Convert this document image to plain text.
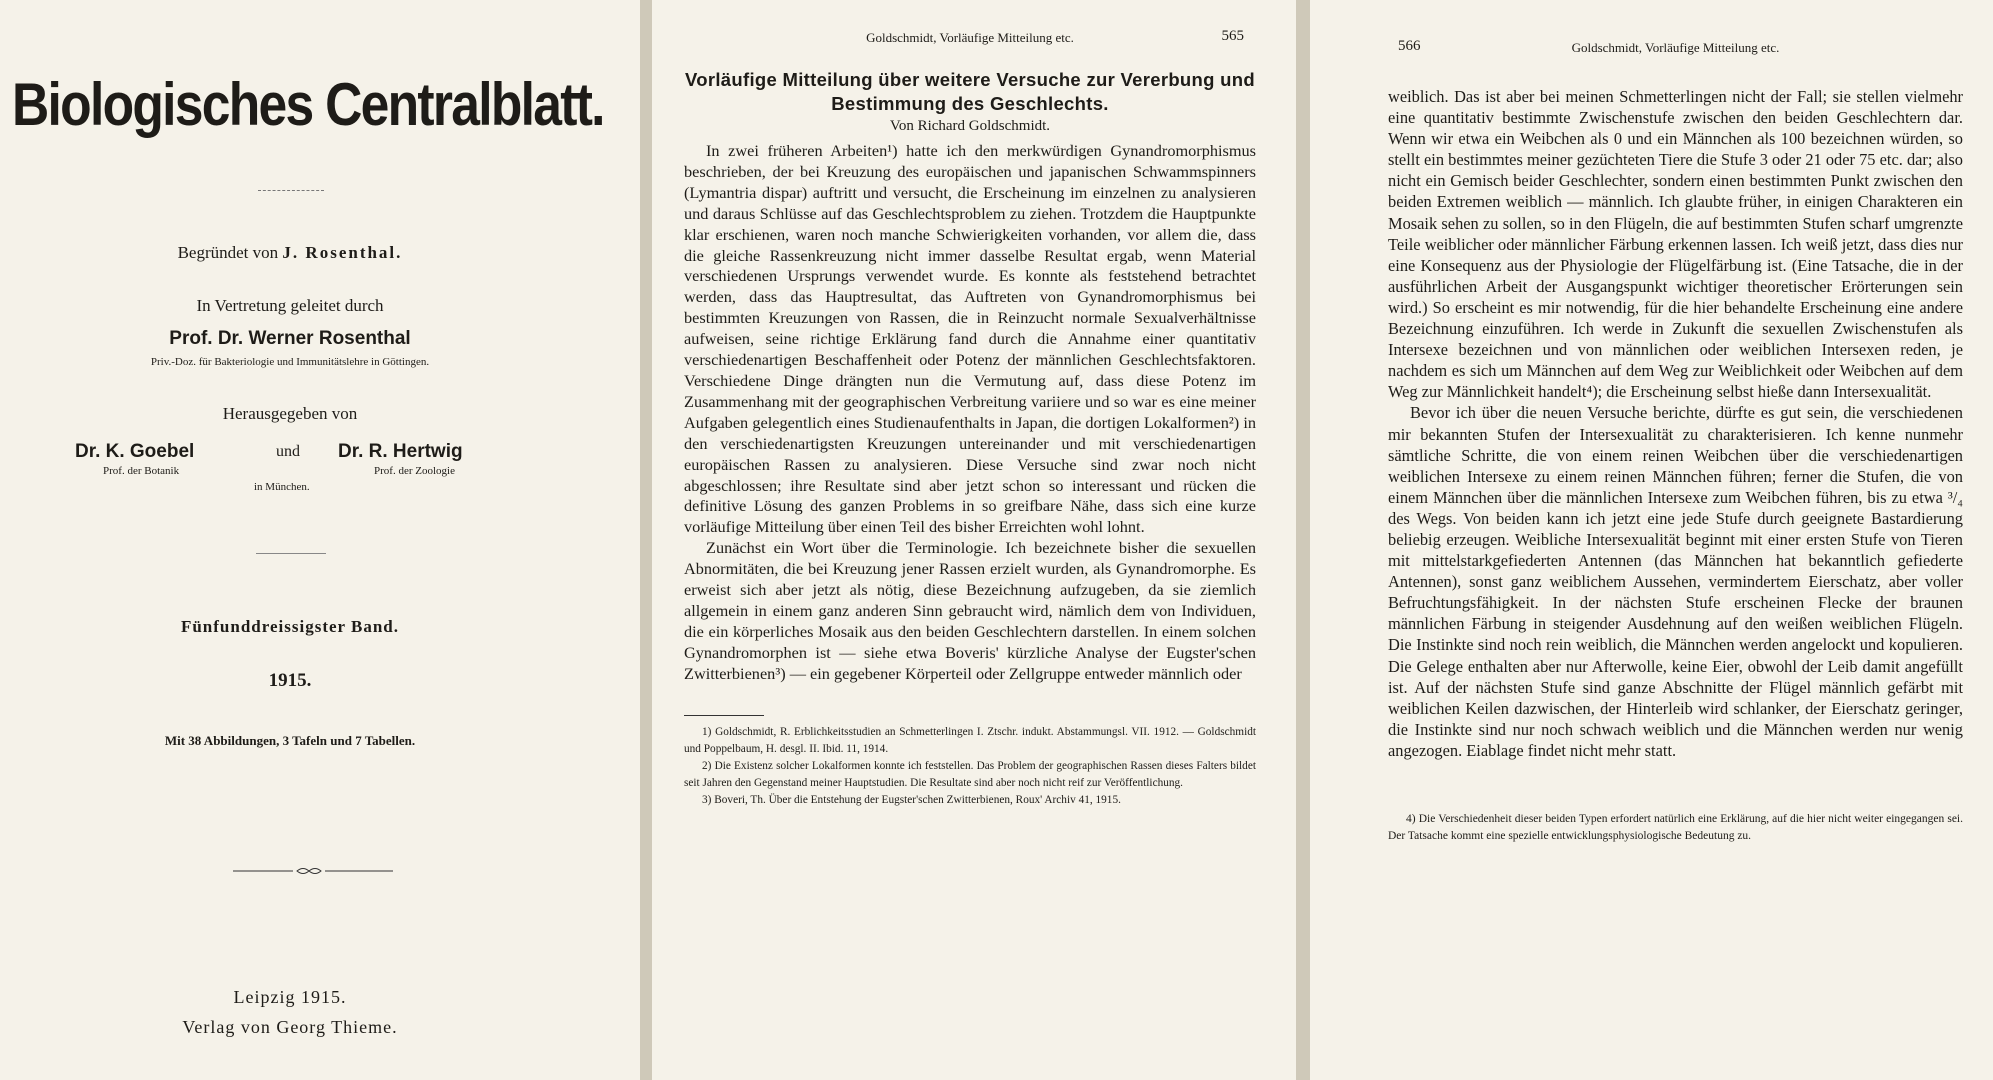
Biologisches Centralblatt.
Begründet von J. Rosenthal.
In Vertretung geleitet durch
Prof. Dr. Werner Rosenthal
Priv.-Doz. für Bakteriologie und Immunitätslehre in Göttingen.
Herausgegeben von
Dr. K. Goebel	und Dr. R. Hertwig
Prof. der Botanik	Prof. der Zoologie
in München.
Fünfunddreissigster Band.
1915.
Mit 38 Abbildungen, 3 Tafeln und 7 Tabellen.
Leipzig 1915.
Verlag von Georg Thieme.
Goldschmidt, Vorläufige Mitteilung etc.	565
Vorläufige Mitteilung über weitere Versuche zur Vererbung und Bestimmung des Geschlechts.
Von Richard Goldschmidt.

In zwei früheren Arbeiten¹) hatte ich den merkwürdigen Gynandromorphismus beschrieben, der bei Kreuzung des europäischen und japanischen Schwammspinners (Lymantria dispar) auftritt und versucht, die Erscheinung im einzelnen zu analysieren und daraus Schlüsse auf das Geschlechtsproblem zu ziehen. Trotzdem die Hauptpunkte klar erschienen, waren noch manche Schwierigkeiten vorhanden, vor allem die, dass die gleiche Rassenkreuzung nicht immer dasselbe Resultat ergab, wenn Material verschiedenen Ursprungs verwendet wurde. Es konnte als feststehend betrachtet werden, dass das Hauptresultat, das Auftreten von Gynandromorphismus bei bestimmten Kreuzungen von Rassen, die in Reinzucht normale Sexualverhältnisse aufweisen, seine richtige Erklärung fand durch die Annahme einer quantitativ verschiedenartigen Beschaffenheit oder Potenz der männlichen Geschlechtsfaktoren. Verschiedene Dinge drängten nun die Vermutung auf, dass diese Potenz im Zusammenhang mit der geographischen Verbreitung variiere und so war es eine meiner Aufgaben gelegentlich eines Studienaufenthalts in Japan, die dortigen Lokalformen²) in den verschiedenartigsten Kreuzungen untereinander und mit verschiedenartigen europäischen Rassen zu analysieren. Diese Versuche sind zwar noch nicht abgeschlossen; ihre Resultate sind aber jetzt schon so interessant und rücken die definitive Lösung des ganzen Problems in so greifbare Nähe, dass sich eine kurze vorläufige Mitteilung über einen Teil des bisher Erreichten wohl lohnt.

Zunächst ein Wort über die Terminologie. Ich bezeichnete bisher die sexuellen Abnormitäten, die bei Kreuzung jener Rassen erzielt wurden, als Gynandromorphe. Es erweist sich aber jetzt als nötig, diese Bezeichnung aufzugeben, da sie ziemlich allgemein in einem ganz anderen Sinn gebraucht wird, nämlich dem von Individuen, die ein körperliches Mosaik aus den beiden Geschlechtern darstellen. In einem solchen Gynandromorphen ist — siehe etwa Boveris' kürzliche Analyse der Eugster'schen Zwitterbienen³) — ein gegebener Körperteil oder Zellgruppe entweder männlich oder

1) Goldschmidt, R. Erblichkeitsstudien an Schmetterlingen I. Ztschr. indukt. Abstammungsl. VII. 1912. — Goldschmidt und Poppelbaum, H. desgl. II. Ibid. 11, 1914.

2) Die Existenz solcher Lokalformen konnte ich feststellen. Das Problem der geographischen Rassen dieses Falters bildet seit Jahren den Gegenstand meiner Hauptstudien. Die Resultate sind aber noch nicht reif zur Veröffentlichung.

3) Boveri, Th. Über die Entstehung der Eugster'schen Zwitterbienen, Roux' Archiv 41, 1915.

566	Goldschmidt, Vorläufige Mitteilung etc.

weiblich. Das ist aber bei meinen Schmetterlingen nicht der Fall; sie stellen vielmehr eine quantitativ bestimmte Zwischenstufe zwischen den beiden Geschlechtern dar. Wenn wir etwa ein Weibchen als 0 und ein Männchen als 100 bezeichnen würden, so stellt ein bestimmtes meiner gezüchteten Tiere die Stufe 3 oder 21 oder 75 etc. dar; also nicht ein Gemisch beider Geschlechter, sondern einen bestimmten Punkt zwischen den beiden Extremen weiblich — männlich. Ich glaubte früher, in einigen Charakteren ein Mosaik sehen zu sollen, so in den Flügeln, die auf bestimmten Stufen scharf umgrenzte Teile weiblicher oder männlicher Färbung erkennen lassen. Ich weiß jetzt, dass dies nur eine Konsequenz aus der Physiologie der Flügelfärbung ist. (Eine Tatsache, die in der ausführlichen Arbeit der Ausgangspunkt wichtiger theoretischer Erörterungen sein wird.) So erscheint es mir notwendig, für die hier behandelte Erscheinung eine andere Bezeichnung einzuführen. Ich werde in Zukunft die sexuellen Zwischenstufen als Intersexe bezeichnen und von männlichen oder weiblichen Intersexen reden, je nachdem es sich um Männchen auf dem Weg zur Weiblichkeit oder Weibchen auf dem Weg zur Männlichkeit handelt⁴); die Erscheinung selbst hieße dann Intersexualität.

Bevor ich über die neuen Versuche berichte, dürfte es gut sein, die verschiedenen mir bekannten Stufen der Intersexualität zu charakterisieren. Ich kenne nunmehr sämtliche Schritte, die von einem reinen Weibchen über die verschiedenartigen weiblichen Intersexe zu einem reinen Männchen führen; ferner die Stufen, die von einem Männchen über die männlichen Intersexe zum Weibchen führen, bis zu etwa ³/₄ des Wegs. Von beiden kann ich jetzt eine jede Stufe durch geeignete Bastardierung beliebig erzeugen. Weibliche Intersexualität beginnt mit einer ersten Stufe von Tieren mit mittelstarkgefiederten Antennen (das Männchen hat bekanntlich gefiederte Antennen), sonst ganz weiblichem Aussehen, vermindertem Eierschatz, aber voller Befruchtungsfähigkeit. In der nächsten Stufe erscheinen Flecke der braunen männlichen Färbung in steigender Ausdehnung auf den weißen weiblichen Flügeln. Die Instinkte sind noch rein weiblich, die Männchen werden angelockt und kopulieren. Die Gelege enthalten aber nur Afterwolle, keine Eier, obwohl der Leib damit angefüllt ist. Auf der nächsten Stufe sind ganze Abschnitte der Flügel männlich gefärbt mit weiblichen Keilen dazwischen, der Hinterleib wird schlanker, der Eierschatz geringer, die Instinkte sind nur noch schwach weiblich und die Männchen werden nur wenig angezogen. Eiablage findet nicht mehr statt.

4) Die Verschiedenheit dieser beiden Typen erfordert natürlich eine Erklärung, auf die hier nicht weiter eingegangen sei. Der Tatsache kommt eine spezielle entwicklungsphysiologische Bedeutung zu.
